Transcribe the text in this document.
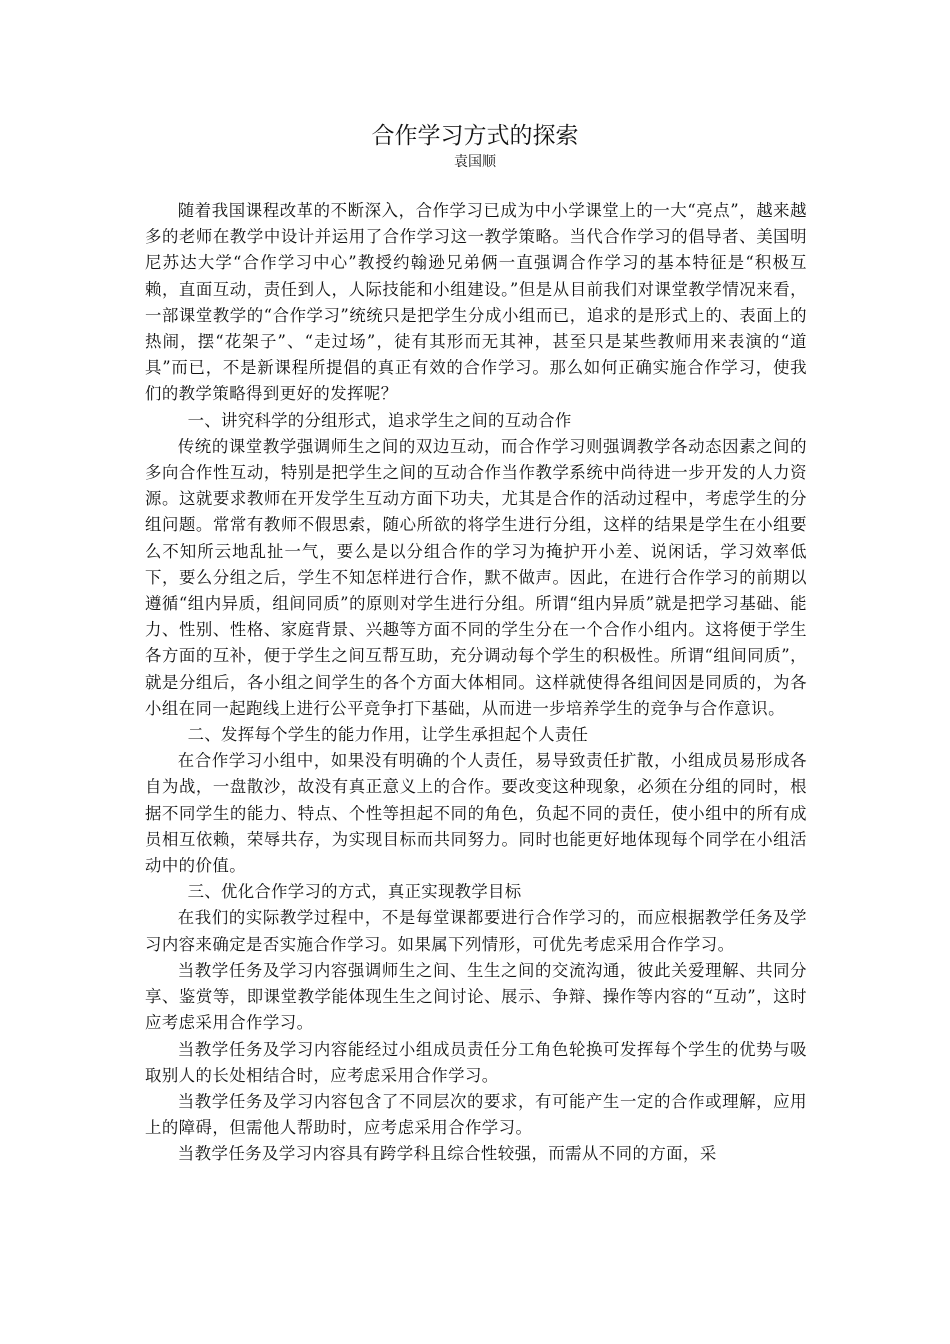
合作学习方式的探索

袁国顺

随着我国课程改革的不断深入，合作学习已成为中小学课堂上的一大“亮点”，越来越多的老师在教学中设计并运用了合作学习这一教学策略。当代合作学习的倡导者、美国明尼苏达大学“合作学习中心”教授约翰逊兄弟俩一直强调合作学习的基本特征是“积极互赖，直面互动，责任到人，人际技能和小组建设。”但是从目前我们对课堂教学情况来看，一部课堂教学的“合作学习”统统只是把学生分成小组而已，追求的是形式上的、表面上的热闹，摆“花架子”、“走过场”，徒有其形而无其神，甚至只是某些教师用来表演的“道具”而已，不是新课程所提倡的真正有效的合作学习。那么如何正确实施合作学习，使我们的教学策略得到更好的发挥呢？

一、讲究科学的分组形式，追求学生之间的互动合作

传统的课堂教学强调师生之间的双边互动，而合作学习则强调教学各动态因素之间的多向合作性互动，特别是把学生之间的互动合作当作教学系统中尚待进一步开发的人力资源。这就要求教师在开发学生互动方面下功夫，尤其是合作的活动过程中，考虑学生的分组问题。常常有教师不假思索，随心所欲的将学生进行分组，这样的结果是学生在小组要么不知所云地乱扯一气，要么是以分组合作的学习为掩护开小差、说闲话，学习效率低下，要么分组之后，学生不知怎样进行合作，默不做声。因此，在进行合作学习的前期以遵循“组内异质，组间同质”的原则对学生进行分组。所谓“组内异质”就是把学习基础、能力、性别、性格、家庭背景、兴趣等方面不同的学生分在一个合作小组内。这将便于学生各方面的互补，便于学生之间互帮互助，充分调动每个学生的积极性。所谓“组间同质”，就是分组后，各小组之间学生的各个方面大体相同。这样就使得各组间因是同质的，为各小组在同一起跑线上进行公平竞争打下基础，从而进一步培养学生的竞争与合作意识。

二、发挥每个学生的能力作用，让学生承担起个人责任

在合作学习小组中，如果没有明确的个人责任，易导致责任扩散，小组成员易形成各自为战，一盘散沙，故没有真正意义上的合作。要改变这种现象，必须在分组的同时，根据不同学生的能力、特点、个性等担起不同的角色，负起不同的责任，使小组中的所有成员相互依赖，荣辱共存，为实现目标而共同努力。同时也能更好地体现每个同学在小组活动中的价值。

三、优化合作学习的方式，真正实现教学目标

在我们的实际教学过程中，不是每堂课都要进行合作学习的，而应根据教学任务及学习内容来确定是否实施合作学习。如果属下列情形，可优先考虑采用合作学习。

当教学任务及学习内容强调师生之间、生生之间的交流沟通，彼此关爱理解、共同分享、鉴赏等，即课堂教学能体现生生之间讨论、展示、争辩、操作等内容的“互动”，这时应考虑采用合作学习。

当教学任务及学习内容能经过小组成员责任分工角色轮换可发挥每个学生的优势与吸取别人的长处相结合时，应考虑采用合作学习。

当教学任务及学习内容包含了不同层次的要求，有可能产生一定的合作或理解，应用上的障碍，但需他人帮助时，应考虑采用合作学习。

当教学任务及学习内容具有跨学科且综合性较强，而需从不同的方面，采
